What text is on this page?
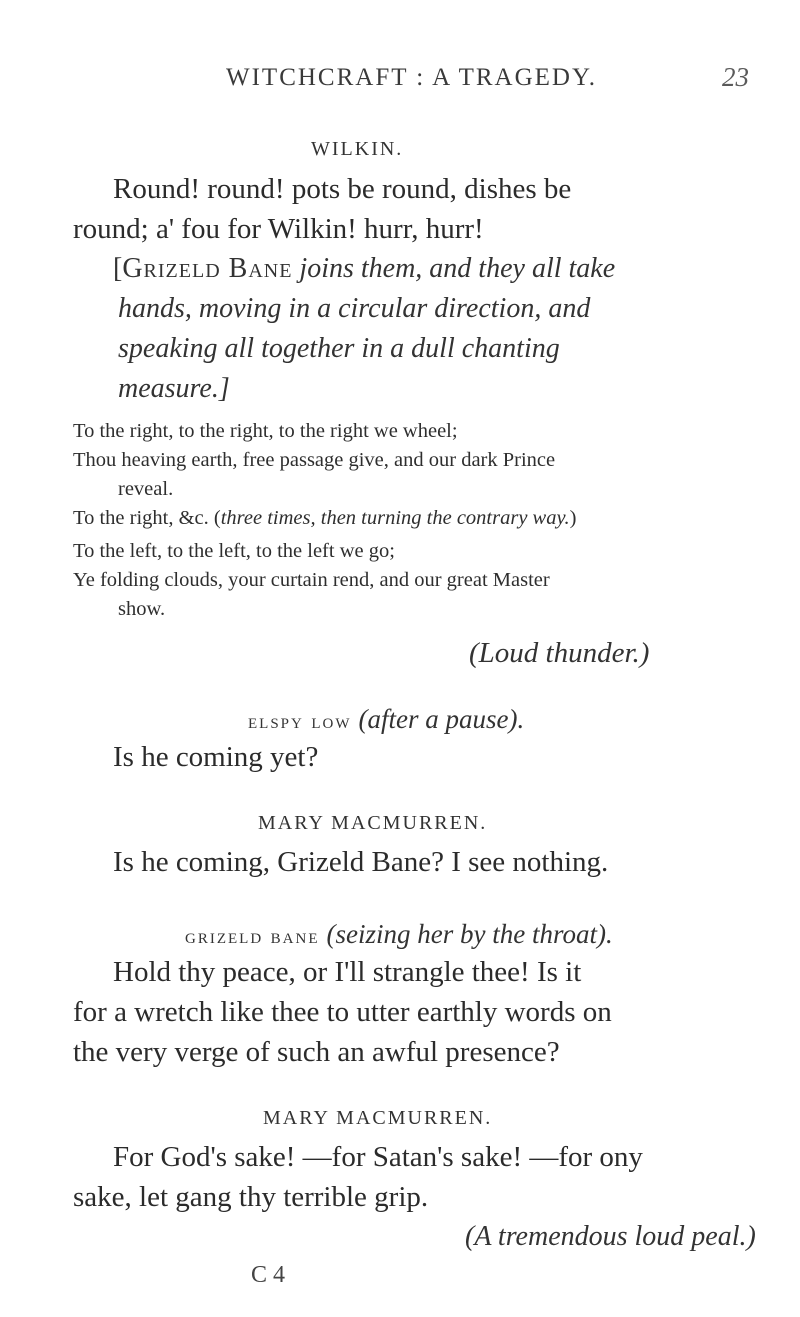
WITCHCRAFT : A TRAGEDY.	23
WILKIN.
Round! round! pots be round, dishes be
round; a' fou for Wilkin! hurr, hurr!
[Grizeld Bane joins them, and they all take
hands, moving in a circular direction, and
speaking all together in a dull chanting
measure.]
To the right, to the right, to the right we wheel;
Thou heaving earth, free passage give, and our dark Prince
reveal.
To the right, &c. (three times, then turning the contrary way.)
To the left, to the left, to the left we go;
Ye folding clouds, your curtain rend, and our great Master
show.
(Loud thunder.)
elspy low (after a pause).
Is he coming yet?
MARY MACMURREN.
Is he coming, Grizeld Bane? I see nothing.
grizeld bane (seizing her by the throat).
Hold thy peace, or I'll strangle thee! Is it
for a wretch like thee to utter earthly words on
the very verge of such an awful presence?
MARY MACMURREN.
For God's sake! —for Satan's sake! —for ony
sake, let gang thy terrible grip.
(A tremendous loud peal.)
C 4
